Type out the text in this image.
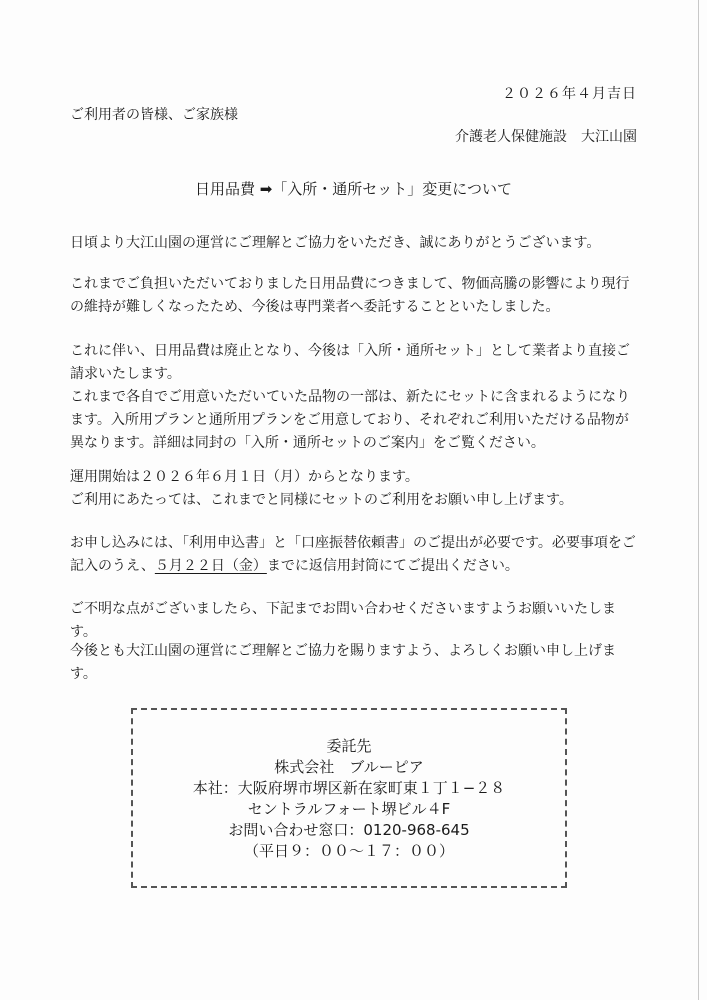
２０２６年４月吉日
ご利用者の皆様、ご家族様
介護老人保健施設　大江山園
日用品費 ➡「入所・通所セット」変更について

日頃より大江山園の運営にご理解とご協力をいただき、誠にありがとうございます。

これまでご負担いただいておりました日用品費につきまして、物価高騰の影響により現行の維持が難しくなったため、今後は専門業者へ委託することといたしました。

これに伴い、日用品費は廃止となり、今後は「入所・通所セット」として業者より直接ご請求いたします。
これまで各自でご用意いただいていた品物の一部は、新たにセットに含まれるようになります。入所用プランと通所用プランをご用意しており、それぞれご利用いただける品物が異なります。詳細は同封の「入所・通所セットのご案内」をご覧ください。
運用開始は２０２６年６月１日（月）からとなります。
ご利用にあたっては、これまでと同様にセットのご利用をお願い申し上げます。

お申し込みには、「利用申込書」と「口座振替依頼書」のご提出が必要です。必要事項をご記入のうえ、５月２２日（金）までに返信用封筒にてご提出ください。

ご不明な点がございましたら、下記までお問い合わせくださいますようお願いいたします。

今後とも大江山園の運営にご理解とご協力を賜りますよう、よろしくお願い申し上げます。

委託先
株式会社　ブルーピア
本社：大阪府堺市堺区新在家町東１丁１−２８
セントラルフォート堺ビル４F
お問い合わせ窓口：0120-968-645
（平日９：００〜１７：００）
